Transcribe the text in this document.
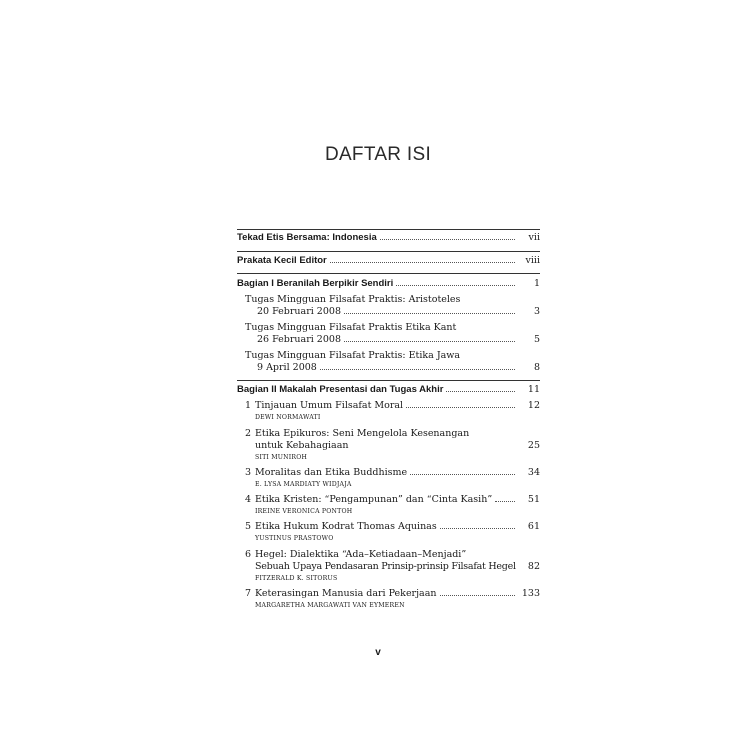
DAFTAR ISI
Tekad Etis Bersama: Indonesia	vii
Prakata Kecil Editor	viii
Bagian I Beranilah Berpikir Sendiri	1
Tugas Mingguan Filsafat Praktis: Aristoteles
20 Februari 2008	3
Tugas Mingguan Filsafat Praktis Etika Kant
26 Februari 2008	5
Tugas Mingguan Filsafat Praktis: Etika Jawa
9 April 2008	8
Bagian II Makalah Presentasi dan Tugas Akhir	11
1 Tinjauan Umum Filsafat Moral	12
DEWI NORMAWATI
2 Etika Epikuros: Seni Mengelola Kesenangan
untuk Kebahagiaan	25
SITI MUNIROH
3 Moralitas dan Etika Buddhisme	34
E. LYSA MARDIATY WIDJAJA
4 Etika Kristen: “Pengampunan” dan “Cinta Kasih”	51
IREINE VERONICA PONTOH
5 Etika Hukum Kodrat Thomas Aquinas	61
YUSTINUS PRASTOWO
6 Hegel: Dialektika “Ada–Ketiadaan–Menjadi”
Sebuah Upaya Pendasaran Prinsip-prinsip Filsafat Hegel	82
FITZERALD K. SITORUS
7 Keterasingan Manusia dari Pekerjaan	133
MARGARETHA MARGAWATI VAN EYMEREN
v
